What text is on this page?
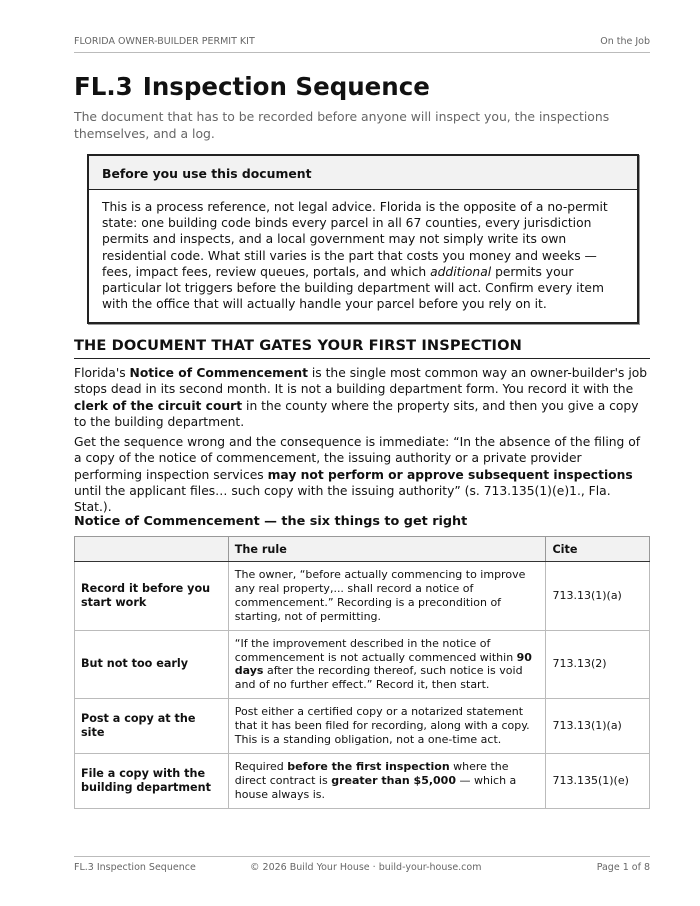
FLORIDA OWNER-BUILDER PERMIT KIT	On the Job
FL.3 Inspection Sequence

The document that has to be recorded before anyone will inspect you, the inspections themselves, and a log.

Before you use this document
This is a process reference, not legal advice. Florida is the opposite of a no-permit state: one building code binds every parcel in all 67 counties, every jurisdiction permits and inspects, and a local government may not simply write its own residential code. What still varies is the part that costs you money and weeks — fees, impact fees, review queues, portals, and which additional permits your particular lot triggers before the building department will act. Confirm every item with the office that will actually handle your parcel before you rely on it.
THE DOCUMENT THAT GATES YOUR FIRST INSPECTION

Florida's Notice of Commencement is the single most common way an owner-builder's job stops dead in its second month. It is not a building department form. You record it with the clerk of the circuit court in the county where the property sits, and then you give a copy to the building department.

Get the sequence wrong and the consequence is immediate: “In the absence of the filing of a copy of the notice of commencement, the issuing authority or a private provider performing inspection services may not perform or approve subsequent inspections until the applicant files… such copy with the issuing authority” (s. 713.135(1)(e)1., Fla. Stat.).

Notice of Commencement — the six things to get right
	The rule	Cite
Record it before you start work	The owner, “before actually commencing to improve any real property,... shall record a notice of commencement.” Recording is a precondition of starting, not of permitting.	713.13(1)(a)
But not too early	“If the improvement described in the notice of commencement is not actually commenced within 90 days after the recording thereof, such notice is void and of no further effect.” Record it, then start.	713.13(2)
Post a copy at the site	Post either a certified copy or a notarized statement that it has been filed for recording, along with a copy. This is a standing obligation, not a one-time act.	713.13(1)(a)
File a copy with the building department	Required before the first inspection where the direct contract is greater than $5,000 — which a house always is.	713.135(1)(e)
FL.3 Inspection Sequence	© 2026 Build Your House · build-your-house.com	Page 1 of 8
